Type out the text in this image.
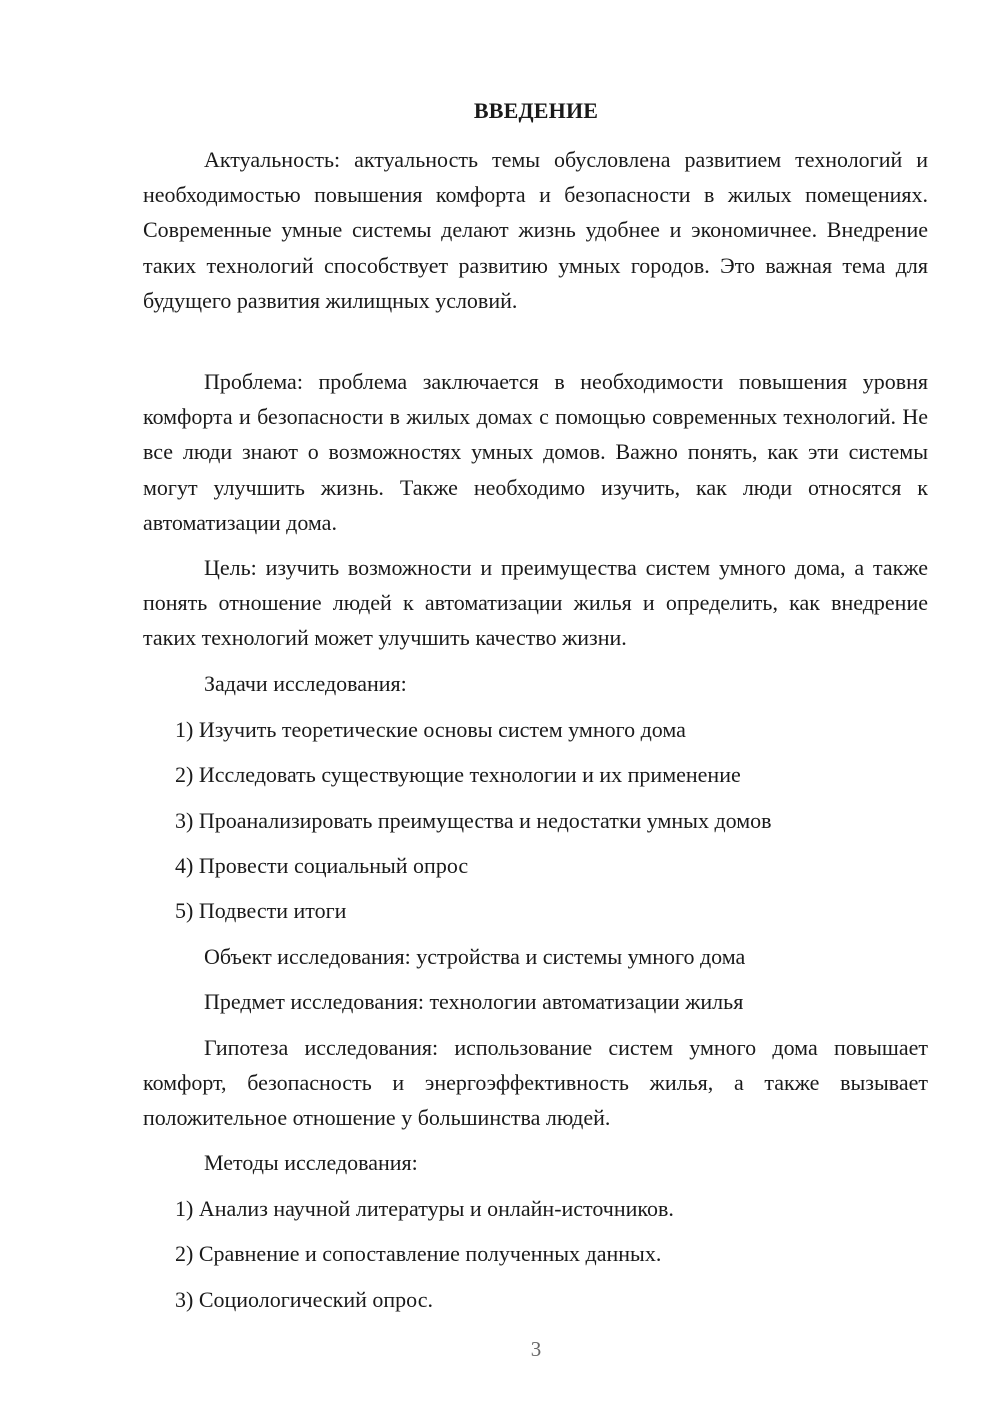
ВВЕДЕНИЕ
Актуальность: актуальность темы обусловлена развитием технологий и необходимостью повышения комфорта и безопасности в жилых помещениях. Современные умные системы делают жизнь удобнее и экономичнее. Внедрение таких технологий способствует развитию умных городов. Это важная тема для будущего развития жилищных условий.
Проблема: проблема заключается в необходимости повышения уровня комфорта и безопасности в жилых домах с помощью современных технологий. Не все люди знают о возможностях умных домов. Важно понять, как эти системы могут улучшить жизнь. Также необходимо изучить, как люди относятся к автоматизации дома.
Цель: изучить возможности и преимущества систем умного дома, а также понять отношение людей к автоматизации жилья и определить, как внедрение таких технологий может улучшить качество жизни.
Задачи исследования:
1) Изучить теоретические основы систем умного дома
2) Исследовать существующие технологии и их применение
3) Проанализировать преимущества и недостатки умных домов
4) Провести социальный опрос
5) Подвести итоги
Объект исследования: устройства и системы умного дома
Предмет исследования: технологии автоматизации жилья
Гипотеза исследования: использование систем умного дома повышает комфорт, безопасность и энергоэффективность жилья, а также вызывает положительное отношение у большинства людей.
Методы исследования:
1) Анализ научной литературы и онлайн-источников.
2) Сравнение и сопоставление полученных данных.
3) Социологический опрос.
3
